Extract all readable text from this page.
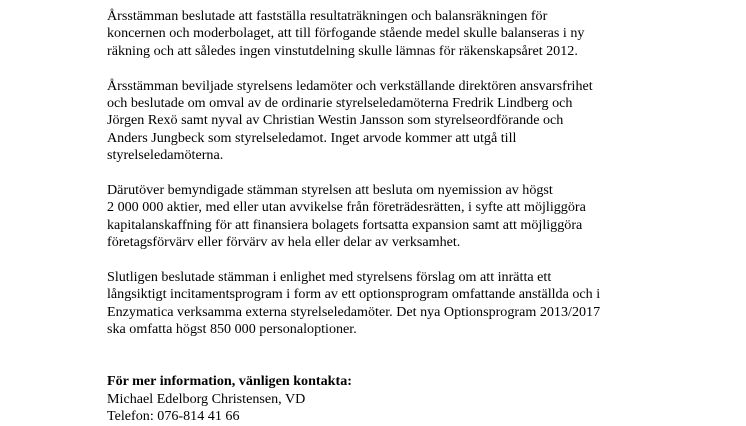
Årsstämman beslutade att fastställa resultaträkningen och balansräkningen för
koncernen och moderbolaget, att till förfogande stående medel skulle balanseras i ny
räkning och att således ingen vinstutdelning skulle lämnas för räkenskapsåret 2012.

Årsstämman beviljade styrelsens ledamöter och verkställande direktören ansvarsfrihet
och beslutade om omval av de ordinarie styrelseledamöterna Fredrik Lindberg och
Jörgen Rexö samt nyval av Christian Westin Jansson som styrelseordförande och
Anders Jungbeck som styrelseledamot. Inget arvode kommer att utgå till
styrelseledamöterna.

Därutöver bemyndigade stämman styrelsen att besluta om nyemission av högst
2 000 000 aktier, med eller utan avvikelse från företrädesrätten, i syfte att möjliggöra
kapitalanskaffning för att finansiera bolagets fortsatta expansion samt att möjliggöra
företagsförvärv eller förvärv av hela eller delar av verksamhet.

Slutligen beslutade stämman i enlighet med styrelsens förslag om att inrätta ett
långsiktigt incitamentsprogram i form av ett optionsprogram omfattande anställda och i
Enzymatica verksamma externa styrelseledamöter. Det nya Optionsprogram 2013/2017
ska omfatta högst 850 000 personaloptioner.

För mer information, vänligen kontakta:
Michael Edelborg Christensen, VD
Telefon: 076-814 41 66
